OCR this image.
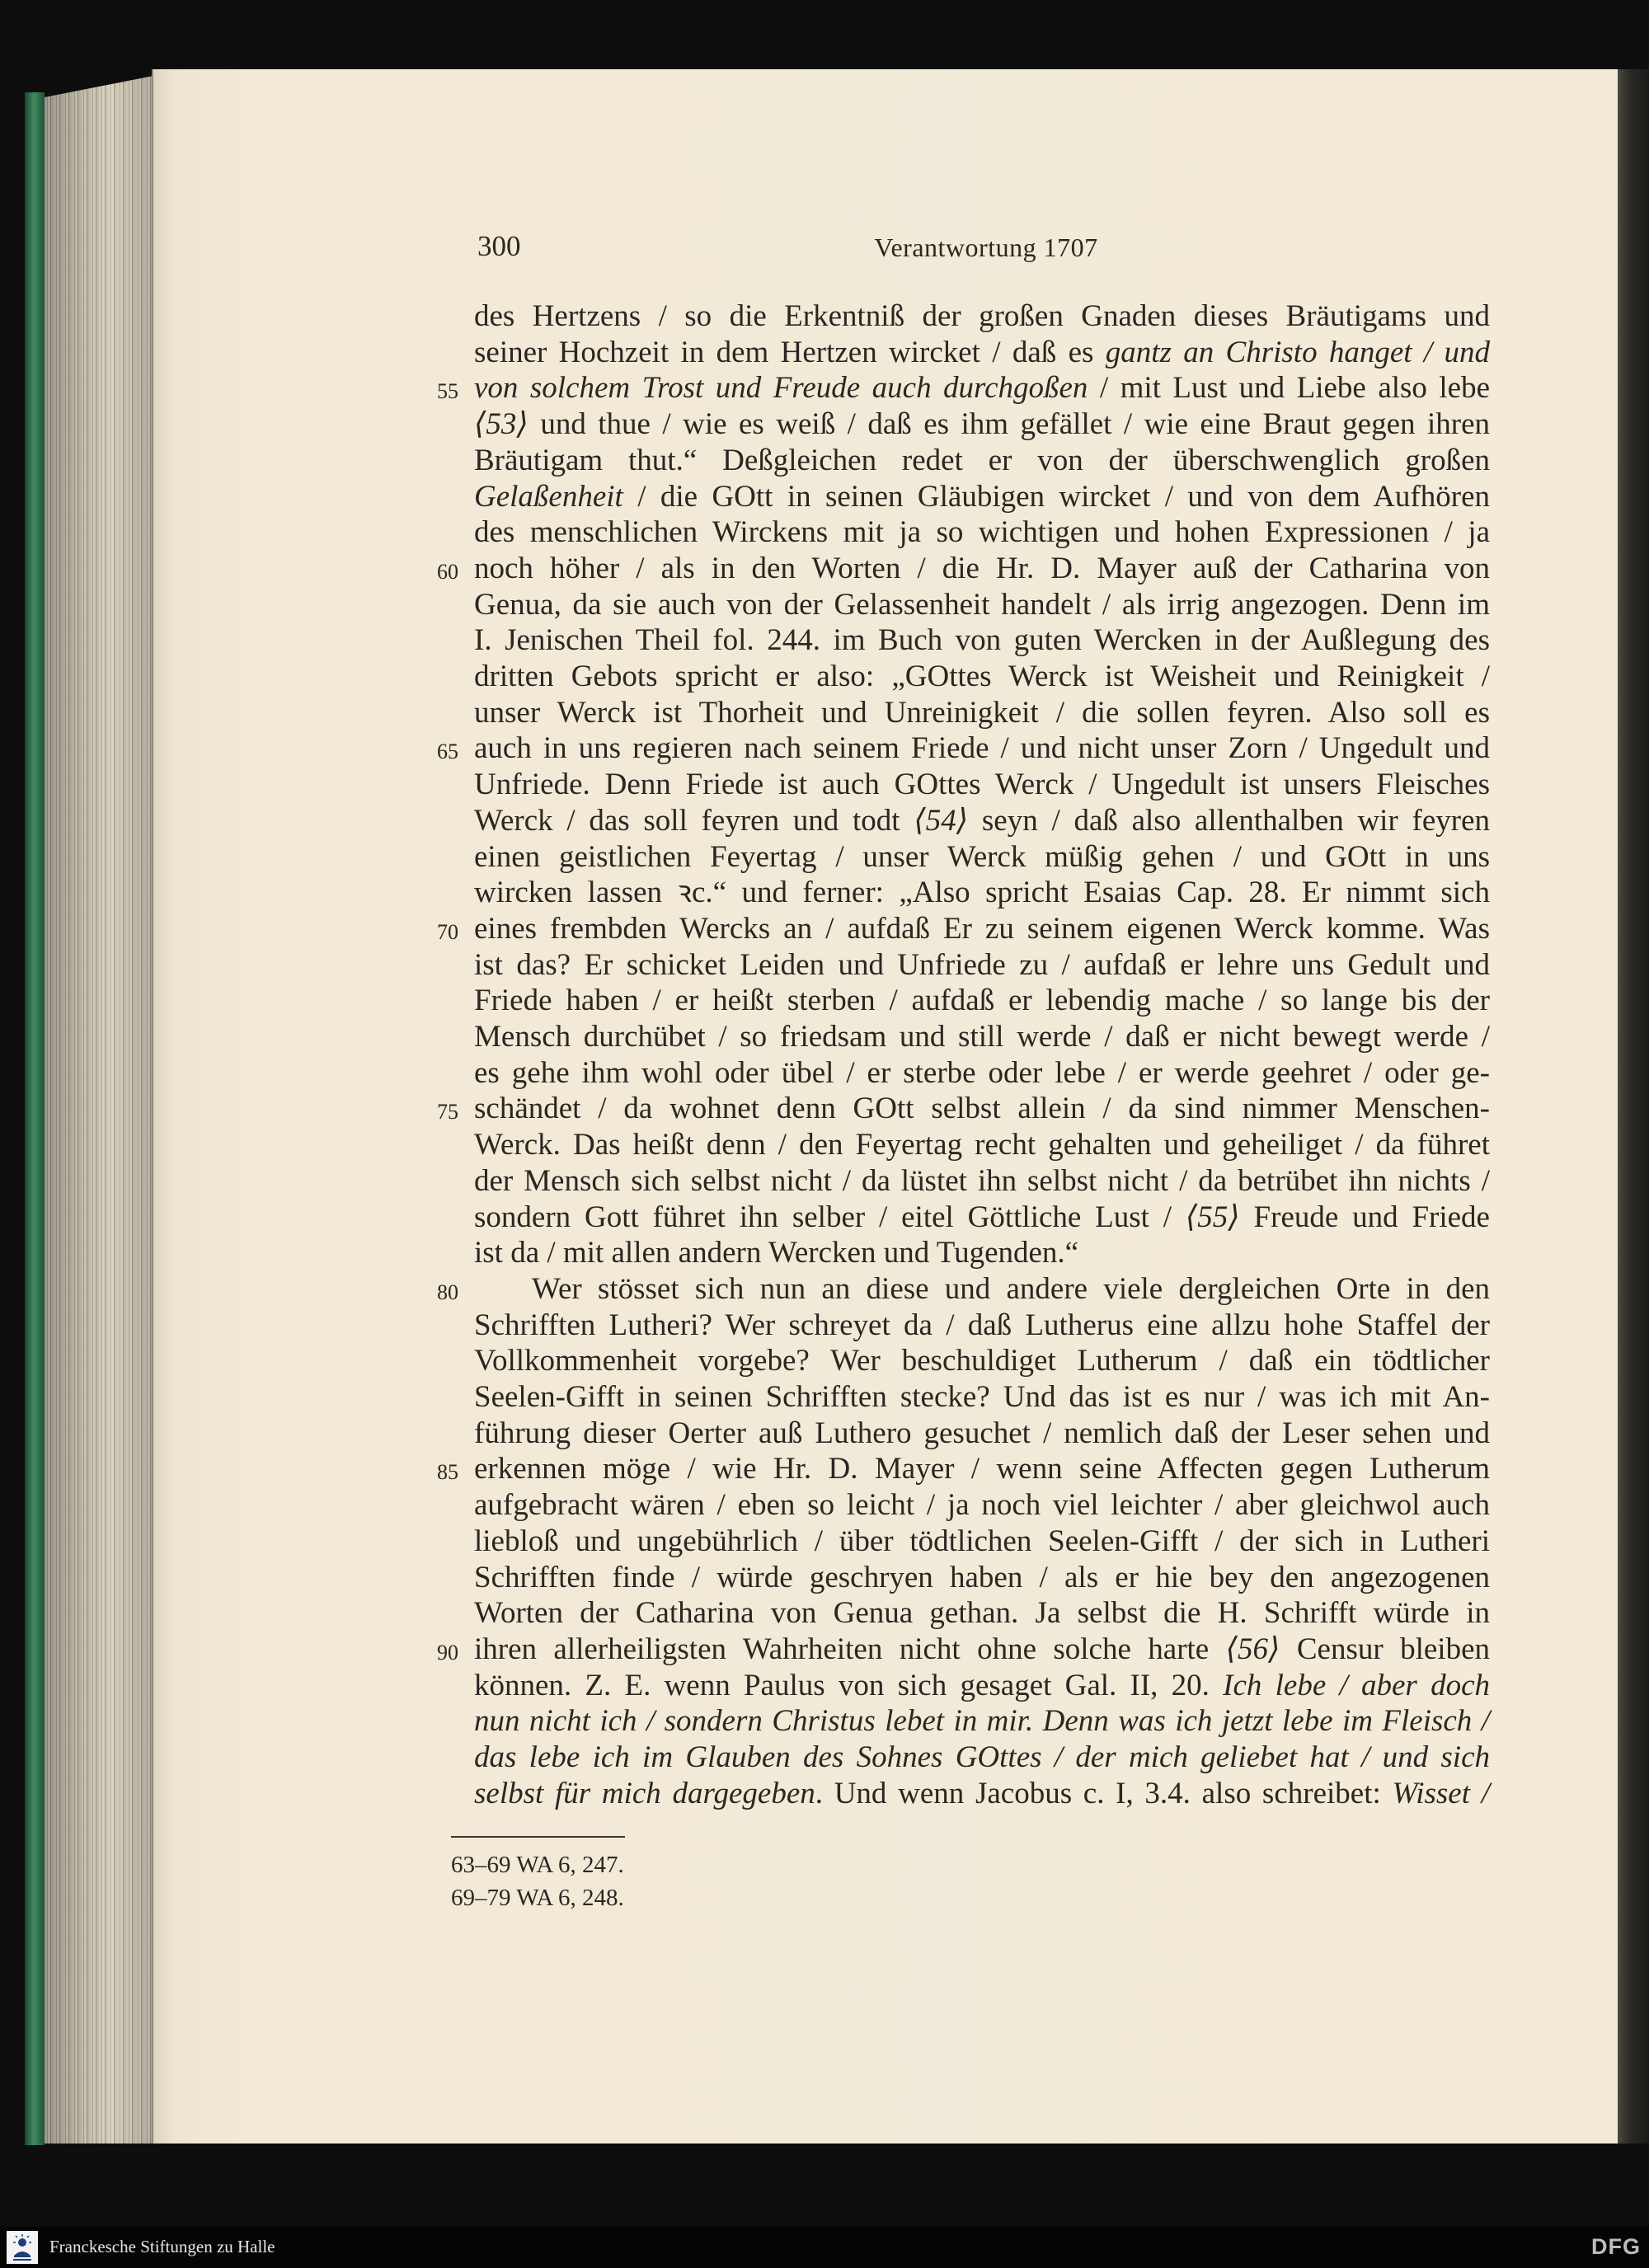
300	Verantwortung 1707
des Hertzens / so die Erkentniß der großen Gnaden dieses Bräutigams und
seiner Hochzeit in dem Hertzen wircket / daß es gantz an Christo hanget / und
55 von solchem Trost und Freude auch durchgoßen / mit Lust und Liebe also lebe
⟨53⟩ und thue / wie es weiß / daß es ihm gefället / wie eine Braut gegen ihren
Bräutigam thut.“ Deßgleichen redet er von der überschwenglich großen
Gelaßenheit / die GOtt in seinen Gläubigen wircket / und von dem Aufhören
des menschlichen Wirckens mit ja so wichtigen und hohen Expressionen / ja
60 noch höher / als in den Worten / die Hr. D. Mayer auß der Catharina von
Genua, da sie auch von der Gelassenheit handelt / als irrig angezogen. Denn im
I. Jenischen Theil fol. 244. im Buch von guten Wercken in der Außlegung des
dritten Gebots spricht er also: „GOttes Werck ist Weisheit und Reinigkeit /
unser Werck ist Thorheit und Unreinigkeit / die sollen feyren. Also soll es
65 auch in uns regieren nach seinem Friede / und nicht unser Zorn / Ungedult und
Unfriede. Denn Friede ist auch GOttes Werck / Ungedult ist unsers Fleisches
Werck / das soll feyren und todt ⟨54⟩ seyn / daß also allenthalben wir feyren
einen geistlichen Feyertag / unser Werck müßig gehen / und GOtt in uns
wircken lassen ꝛc.“ und ferner: „Also spricht Esaias Cap. 28. Er nimmt sich
70 eines frembden Wercks an / aufdaß Er zu seinem eigenen Werck komme. Was
ist das? Er schicket Leiden und Unfriede zu / aufdaß er lehre uns Gedult und
Friede haben / er heißt sterben / aufdaß er lebendig mache / so lange bis der
Mensch durchübet / so friedsam und still werde / daß er nicht bewegt werde /
es gehe ihm wohl oder übel / er sterbe oder lebe / er werde geehret / oder ge-
75 schändet / da wohnet denn GOtt selbst allein / da sind nimmer Menschen-
Werck. Das heißt denn / den Feyertag recht gehalten und geheiliget / da führet
der Mensch sich selbst nicht / da lüstet ihn selbst nicht / da betrübet ihn nichts /
sondern Gott führet ihn selber / eitel Göttliche Lust / ⟨55⟩ Freude und Friede
ist da / mit allen andern Wercken und Tugenden.“
80 Wer stösset sich nun an diese und andere viele dergleichen Orte in den
Schrifften Lutheri? Wer schreyet da / daß Lutherus eine allzu hohe Staffel der
Vollkommenheit vorgebe? Wer beschuldiget Lutherum / daß ein tödtlicher
Seelen-Gifft in seinen Schrifften stecke? Und das ist es nur / was ich mit An-
führung dieser Oerter auß Luthero gesuchet / nemlich daß der Leser sehen und
85 erkennen möge / wie Hr. D. Mayer / wenn seine Affecten gegen Lutherum
aufgebracht wären / eben so leicht / ja noch viel leichter / aber gleichwol auch
liebloß und ungebührlich / über tödtlichen Seelen-Gifft / der sich in Lutheri
Schrifften finde / würde geschryen haben / als er hie bey den angezogenen
Worten der Catharina von Genua gethan. Ja selbst die H. Schrifft würde in
90 ihren allerheiligsten Wahrheiten nicht ohne solche harte ⟨56⟩ Censur bleiben
können. Z. E. wenn Paulus von sich gesaget Gal. II, 20. Ich lebe / aber doch
nun nicht ich / sondern Christus lebet in mir. Denn was ich jetzt lebe im Fleisch /
das lebe ich im Glauben des Sohnes GOttes / der mich geliebet hat / und sich
selbst für mich dargegeben. Und wenn Jacobus c. I, 3.4. also schreibet: Wisset /
63–69 WA 6, 247.
69–79 WA 6, 248.
Franckesche Stiftungen zu Halle	DFG
